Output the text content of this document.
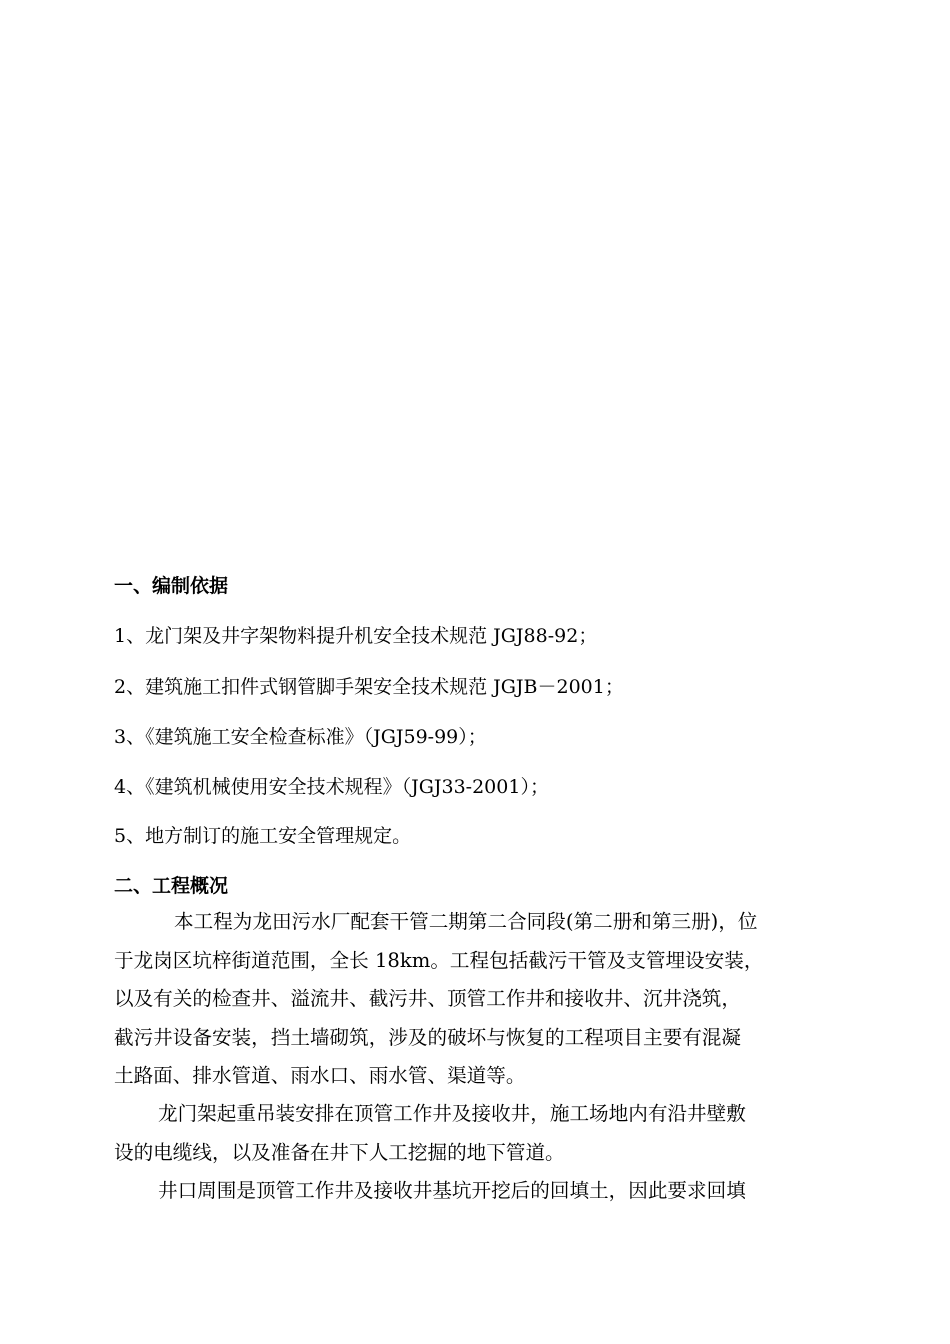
一、编制依据
1、龙门架及井字架物料提升机安全技术规范 JGJ88-92；
2、建筑施工扣件式钢管脚手架安全技术规范 JGJB－2001；
3、《建筑施工安全检查标准》（JGJ59-99）；
4、《建筑机械使用安全技术规程》（JGJ33-2001）；
5、地方制订的施工安全管理规定。
二、工程概况
本工程为龙田污水厂配套干管二期第二合同段(第二册和第三册)，位
于龙岗区坑梓街道范围，全长 18km。工程包括截污干管及支管埋设安装，
以及有关的检查井、溢流井、截污井、顶管工作井和接收井、沉井浇筑，
截污井设备安装，挡土墙砌筑，涉及的破坏与恢复的工程项目主要有混凝
土路面、排水管道、雨水口、雨水管、渠道等。
龙门架起重吊装安排在顶管工作井及接收井，施工场地内有沿井壁敷
设的电缆线，以及准备在井下人工挖掘的地下管道。
井口周围是顶管工作井及接收井基坑开挖后的回填土，因此要求回填
